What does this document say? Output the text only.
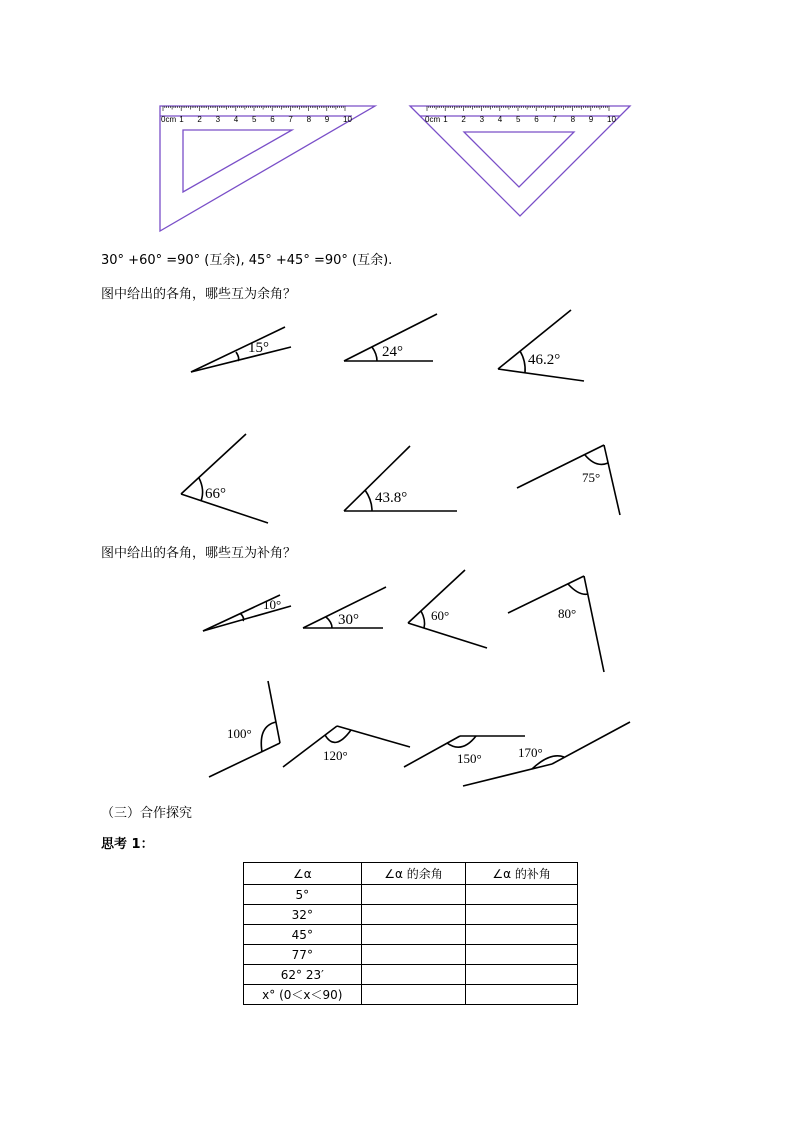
0cm 1 2 3 4 5 6 7 8 9 10	0cm 1 2 3 4 5 6 7 8 9 10
30° +60° =90° (互余), 45° +45° =90° (互余).
图中给出的各角，哪些互为余角？
15°	24°	46.2°
66°	43.8°
75°
图中给出的各角，哪些互为补角？
10°
30°	60°	80°
100°
120°	150°	170°
（三）合作探究
思考 1：
∠α	∠α 的余角	∠α 的补角
5°		
32°		
45°		
77°		
62° 23′		
x° (0＜x＜90)		
